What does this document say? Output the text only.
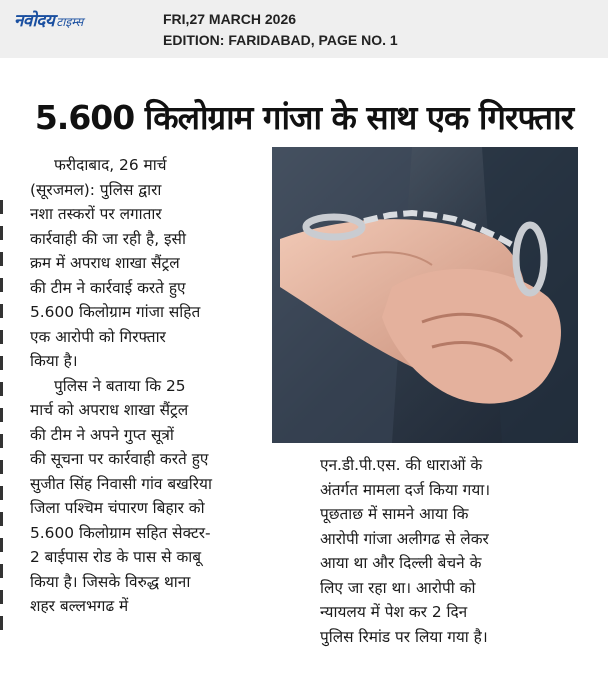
नवोदय टाइम्स	FRI,27 MARCH 2026
EDITION: FARIDABAD, PAGE NO. 1
5.600 किलोग्राम गांजा के साथ एक गिरफ्तार
फरीदाबाद, 26 मार्च
(सूरजमल): पुलिस द्वारा
नशा तस्करों पर लगातार
कार्रवाही की जा रही है, इसी
क्रम में अपराध शाखा सैंट्रल
की टीम ने कार्रवाई करते हुए
5.600 किलोग्राम गांजा सहित
एक आरोपी को गिरफ्तार
किया है।
पुलिस ने बताया कि 25
मार्च को अपराध शाखा सैंट्रल
की टीम ने अपने गुप्त सूत्रों
की सूचना पर कार्रवाही करते हुए
सुजीत सिंह निवासी गांव बखरिया
जिला पश्चिम चंपारण बिहार को
5.600 किलोग्राम सहित सेक्टर-
2 बाईपास रोड के पास से काबू
किया है। जिसके विरुद्ध थाना
शहर बल्लभगढ में
एन.डी.पी.एस. की धाराओं के
अंतर्गत मामला दर्ज किया गया।
पूछताछ में सामने आया कि
आरोपी गांजा अलीगढ से लेकर
आया था और दिल्ली बेचने के
लिए जा रहा था। आरोपी को
न्यायलय में पेश कर 2 दिन
पुलिस रिमांड पर लिया गया है।
